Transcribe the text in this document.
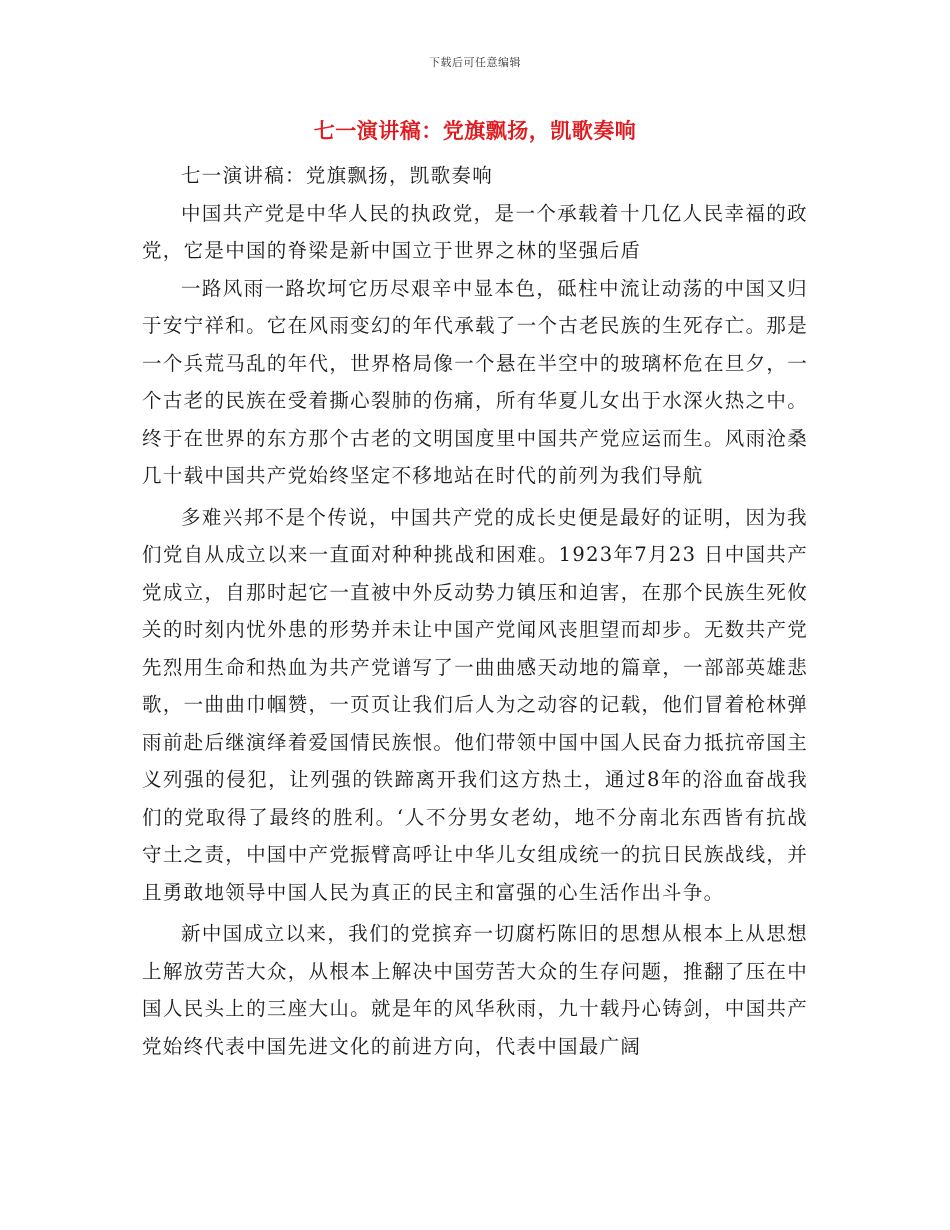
下载后可任意编辑
七一演讲稿：党旗飘扬，凯歌奏响

七一演讲稿：党旗飘扬，凯歌奏响

中国共产党是中华人民的执政党，是一个承载着十几亿人民幸福的政党，它是中国的脊梁是新中国立于世界之林的坚强后盾

一路风雨一路坎坷它历尽艰辛中显本色，砥柱中流让动荡的中国又归于安宁祥和。它在风雨变幻的年代承载了一个古老民族的生死存亡。那是一个兵荒马乱的年代，世界格局像一个悬在半空中的玻璃杯危在旦夕，一个古老的民族在受着撕心裂肺的伤痛，所有华夏儿女出于水深火热之中。终于在世界的东方那个古老的文明国度里中国共产党应运而生。风雨沧桑几十载中国共产党始终坚定不移地站在时代的前列为我们导航

多难兴邦不是个传说，中国共产党的成长史便是最好的证明，因为我们党自从成立以来一直面对种种挑战和困难。1923年7月23 日中国共产党成立，自那时起它一直被中外反动势力镇压和迫害，在那个民族生死攸关的时刻内忧外患的形势并未让中国产党闻风丧胆望而却步。无数共产党先烈用生命和热血为共产党谱写了一曲曲感天动地的篇章，一部部英雄悲歌，一曲曲巾帼赞，一页页让我们后人为之动容的记载，他们冒着枪林弹雨前赴后继演绎着爱国情民族恨。他们带领中国中国人民奋力抵抗帝国主义列强的侵犯，让列强的铁蹄离开我们这方热土，通过8年的浴血奋战我们的党取得了最终的胜利。‘人不分男女老幼，地不分南北东西皆有抗战守土之责，中国中产党振臂高呼让中华儿女组成统一的抗日民族战线，并且勇敢地领导中国人民为真正的民主和富强的心生活作出斗争。

新中国成立以来，我们的党摈弃一切腐朽陈旧的思想从根本上从思想上解放劳苦大众，从根本上解决中国劳苦大众的生存问题，推翻了压在中国人民头上的三座大山。就是年的风华秋雨，九十载丹心铸剑，中国共产党始终代表中国先进文化的前进方向，代表中国最广阔
